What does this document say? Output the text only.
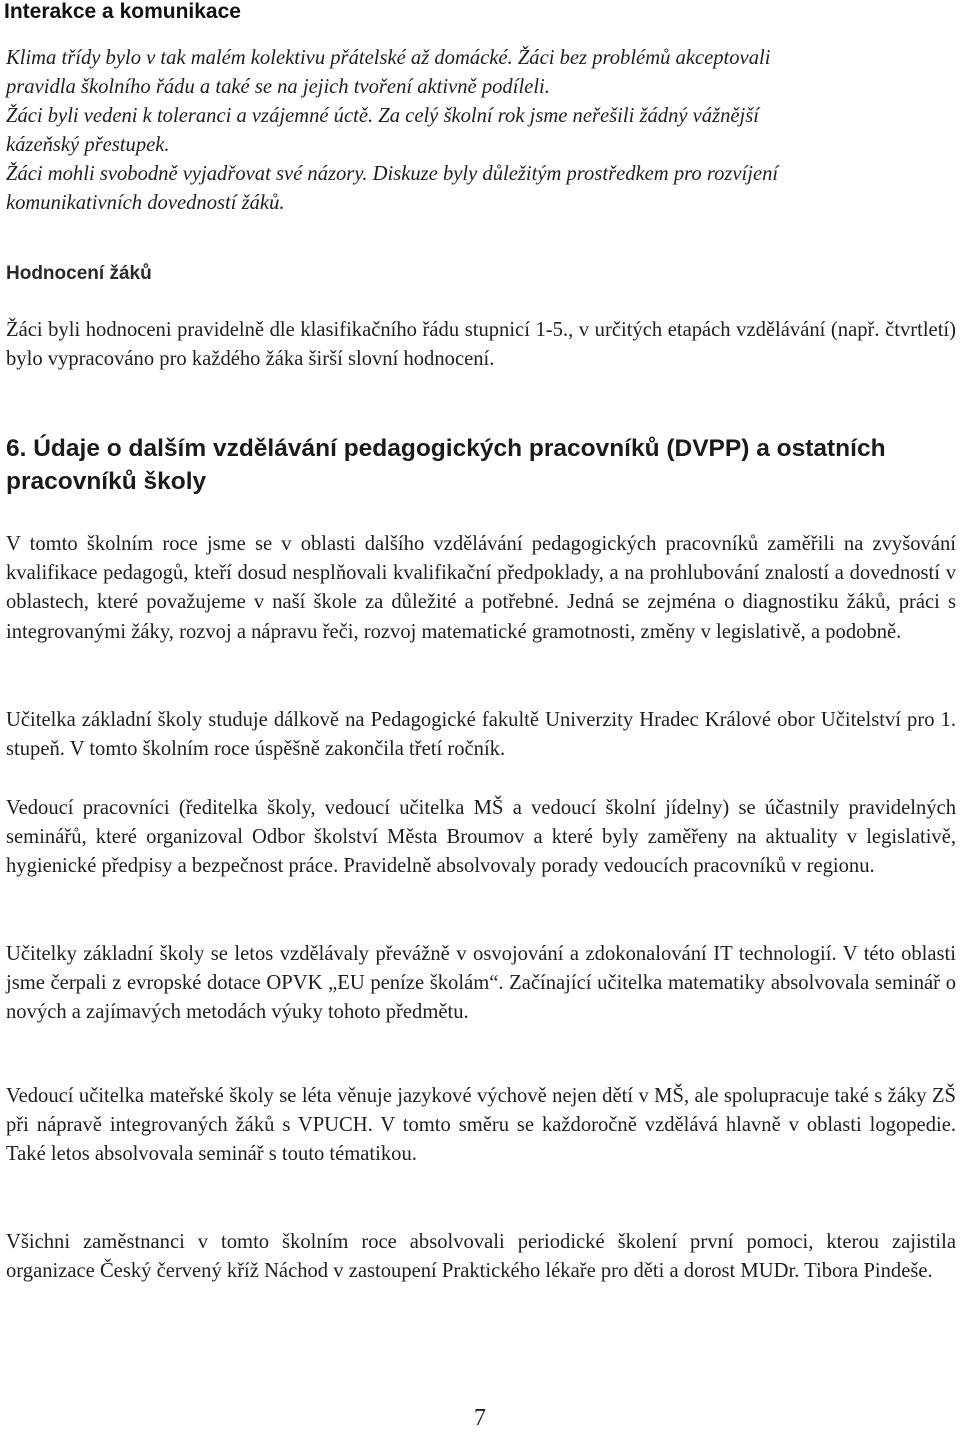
Interakce a komunikace

Klima třídy bylo v tak malém kolektivu přátelské až domácké. Žáci bez problémů akceptovali

pravidla školního řádu a také se na jejich tvoření aktivně podíleli.

Žáci byli vedeni k toleranci a vzájemné úctě. Za celý školní rok jsme neřešili žádný vážnější

kázeňský přestupek.

Žáci mohli svobodně vyjadřovat své názory. Diskuze byly důležitým prostředkem pro rozvíjení

komunikativních dovedností žáků.

Hodnocení žáků

Žáci byli hodnoceni pravidelně dle klasifikačního řádu stupnicí 1-5., v určitých etapách vzdělávání (např. čtvrtletí) bylo vypracováno pro každého žáka širší slovní hodnocení.

6. Údaje o dalším vzdělávání pedagogických pracovníků (DVPP) a ostatních pracovníků školy

V tomto školním roce jsme se v oblasti dalšího vzdělávání pedagogických pracovníků zaměřili na zvyšování kvalifikace pedagogů, kteří dosud nesplňovali kvalifikační předpoklady, a na prohlubování znalostí a dovedností v oblastech, které považujeme v naší škole za důležité a potřebné. Jedná se zejména o diagnostiku žáků, práci s integrovanými žáky, rozvoj a nápravu řeči, rozvoj matematické gramotnosti, změny v legislativě, a podobně.

Učitelka základní školy studuje dálkově na Pedagogické fakultě Univerzity Hradec Králové obor Učitelství pro 1. stupeň. V tomto školním roce úspěšně zakončila třetí ročník.

Vedoucí pracovníci (ředitelka školy, vedoucí učitelka MŠ a vedoucí školní jídelny) se účastnily pravidelných seminářů, které organizoval Odbor školství Města Broumov a které byly zaměřeny na aktuality v legislativě, hygienické předpisy a bezpečnost práce. Pravidelně absolvovaly porady vedoucích pracovníků v regionu.

Učitelky základní školy se letos vzdělávaly převážně v osvojování a zdokonalování IT technologií. V této oblasti jsme čerpali z evropské dotace OPVK „EU peníze školám“. Začínající učitelka matematiky absolvovala seminář o nových a zajímavých metodách výuky tohoto předmětu.

Vedoucí učitelka mateřské školy se léta věnuje jazykové výchově nejen dětí v MŠ, ale spolupracuje také s žáky ZŠ při nápravě integrovaných žáků s VPUCH. V tomto směru se každoročně vzdělává hlavně v oblasti logopedie. Také letos absolvovala seminář s touto tématikou.

Všichni zaměstnanci v tomto školním roce absolvovali periodické školení první pomoci, kterou zajistila organizace Český červený kříž Náchod v zastoupení Praktického lékaře pro děti a dorost MUDr. Tibora Pindeše.

7
